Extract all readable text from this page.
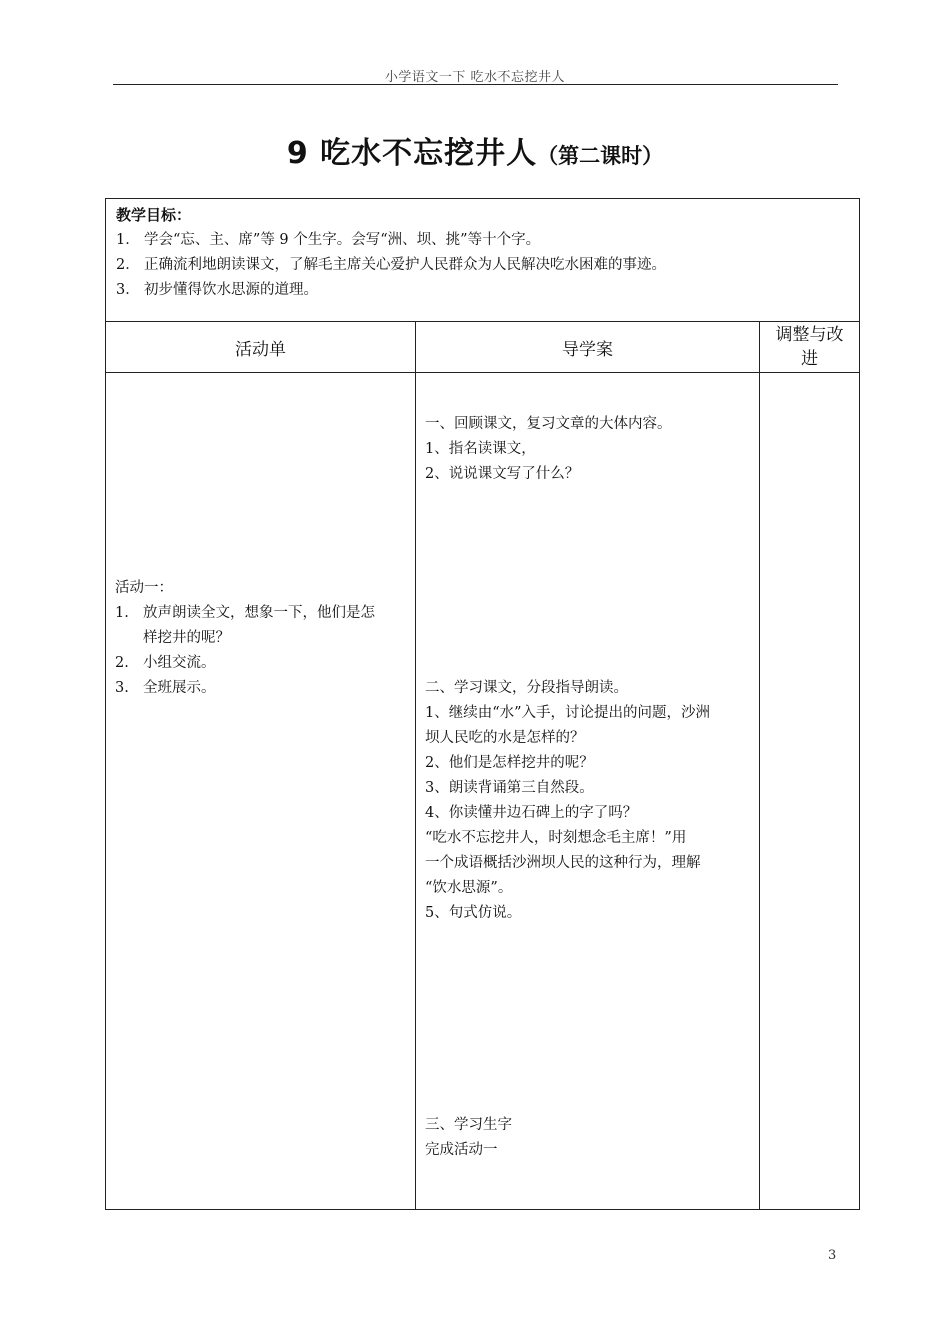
小学语文一下 吃水不忘挖井人
9 吃水不忘挖井人（第二课时）
教学目标：
1． 学会“忘、主、席”等 9 个生字。会写“洲、坝、挑”等十个字。
2． 正确流利地朗读课文，了解毛主席关心爱护人民群众为人民解决吃水困难的事迹。
3． 初步懂得饮水思源的道理。
活动单	导学案
调整与改
进
活动一：
1. 放声朗读全文，想象一下，他们是怎
样挖井的呢？
2. 小组交流。
3. 全班展示。
一、回顾课文，复习文章的大体内容。
1、指名读课文，
2、说说课文写了什么？
二、学习课文，分段指导朗读。
1、继续由“水”入手，讨论提出的问题，沙洲
坝人民吃的水是怎样的？
2、他们是怎样挖井的呢？
3、朗读背诵第三自然段。
4、你读懂井边石碑上的字了吗？
“吃水不忘挖井人，时刻想念毛主席！”用
一个成语概括沙洲坝人民的这种行为，理解
“饮水思源”。
5、句式仿说。
三、学习生字
完成活动一
3
